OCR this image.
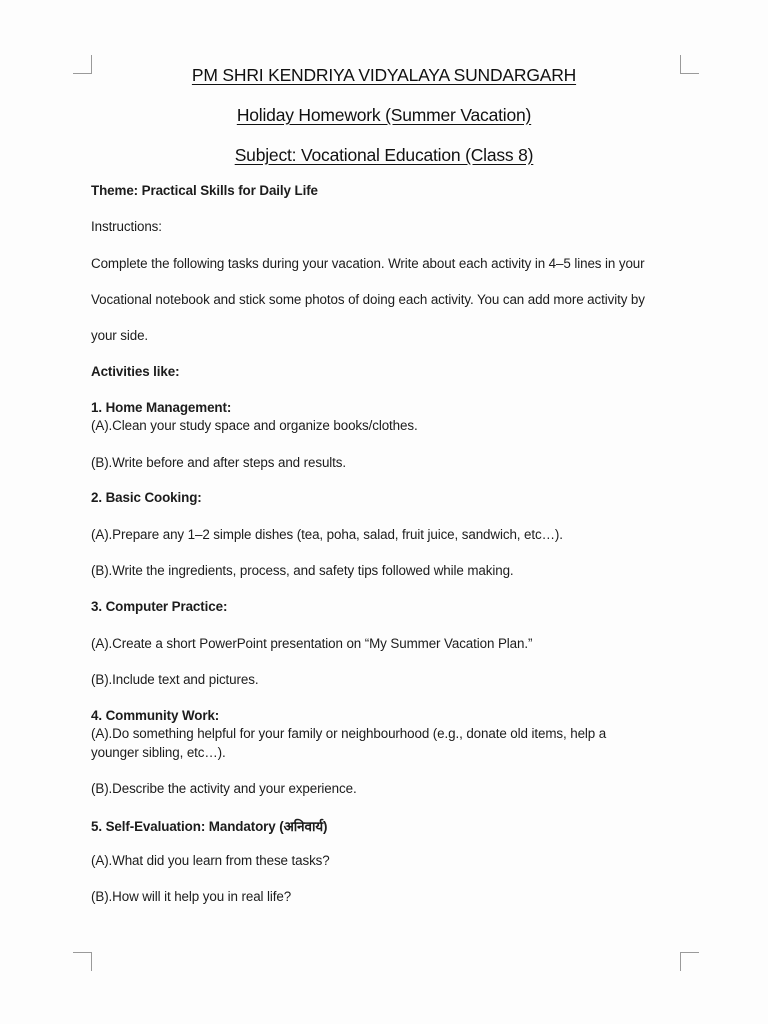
PM SHRI KENDRIYA VIDYALAYA SUNDARGARH
Holiday Homework (Summer Vacation)
Subject: Vocational Education (Class 8)
Theme: Practical Skills for Daily Life
Instructions:
Complete the following tasks during your vacation. Write about each activity in 4–5 lines in your
Vocational notebook and stick some photos of doing each activity. You can add more activity by
your side.
Activities like:
1. Home Management:
(A).Clean your study space and organize books/clothes.
(B).Write before and after steps and results.
2. Basic Cooking:
(A).Prepare any 1–2 simple dishes (tea, poha, salad, fruit juice, sandwich, etc…).
(B).Write the ingredients, process, and safety tips followed while making.
3. Computer Practice:
(A).Create a short PowerPoint presentation on “My Summer Vacation Plan.”
(B).Include text and pictures.
4. Community Work:
(A).Do something helpful for your family or neighbourhood (e.g., donate old items, help a
younger sibling, etc…).
(B).Describe the activity and your experience.
5. Self-Evaluation: Mandatory (अनिवार्य)
(A).What did you learn from these tasks?
(B).How will it help you in real life?
